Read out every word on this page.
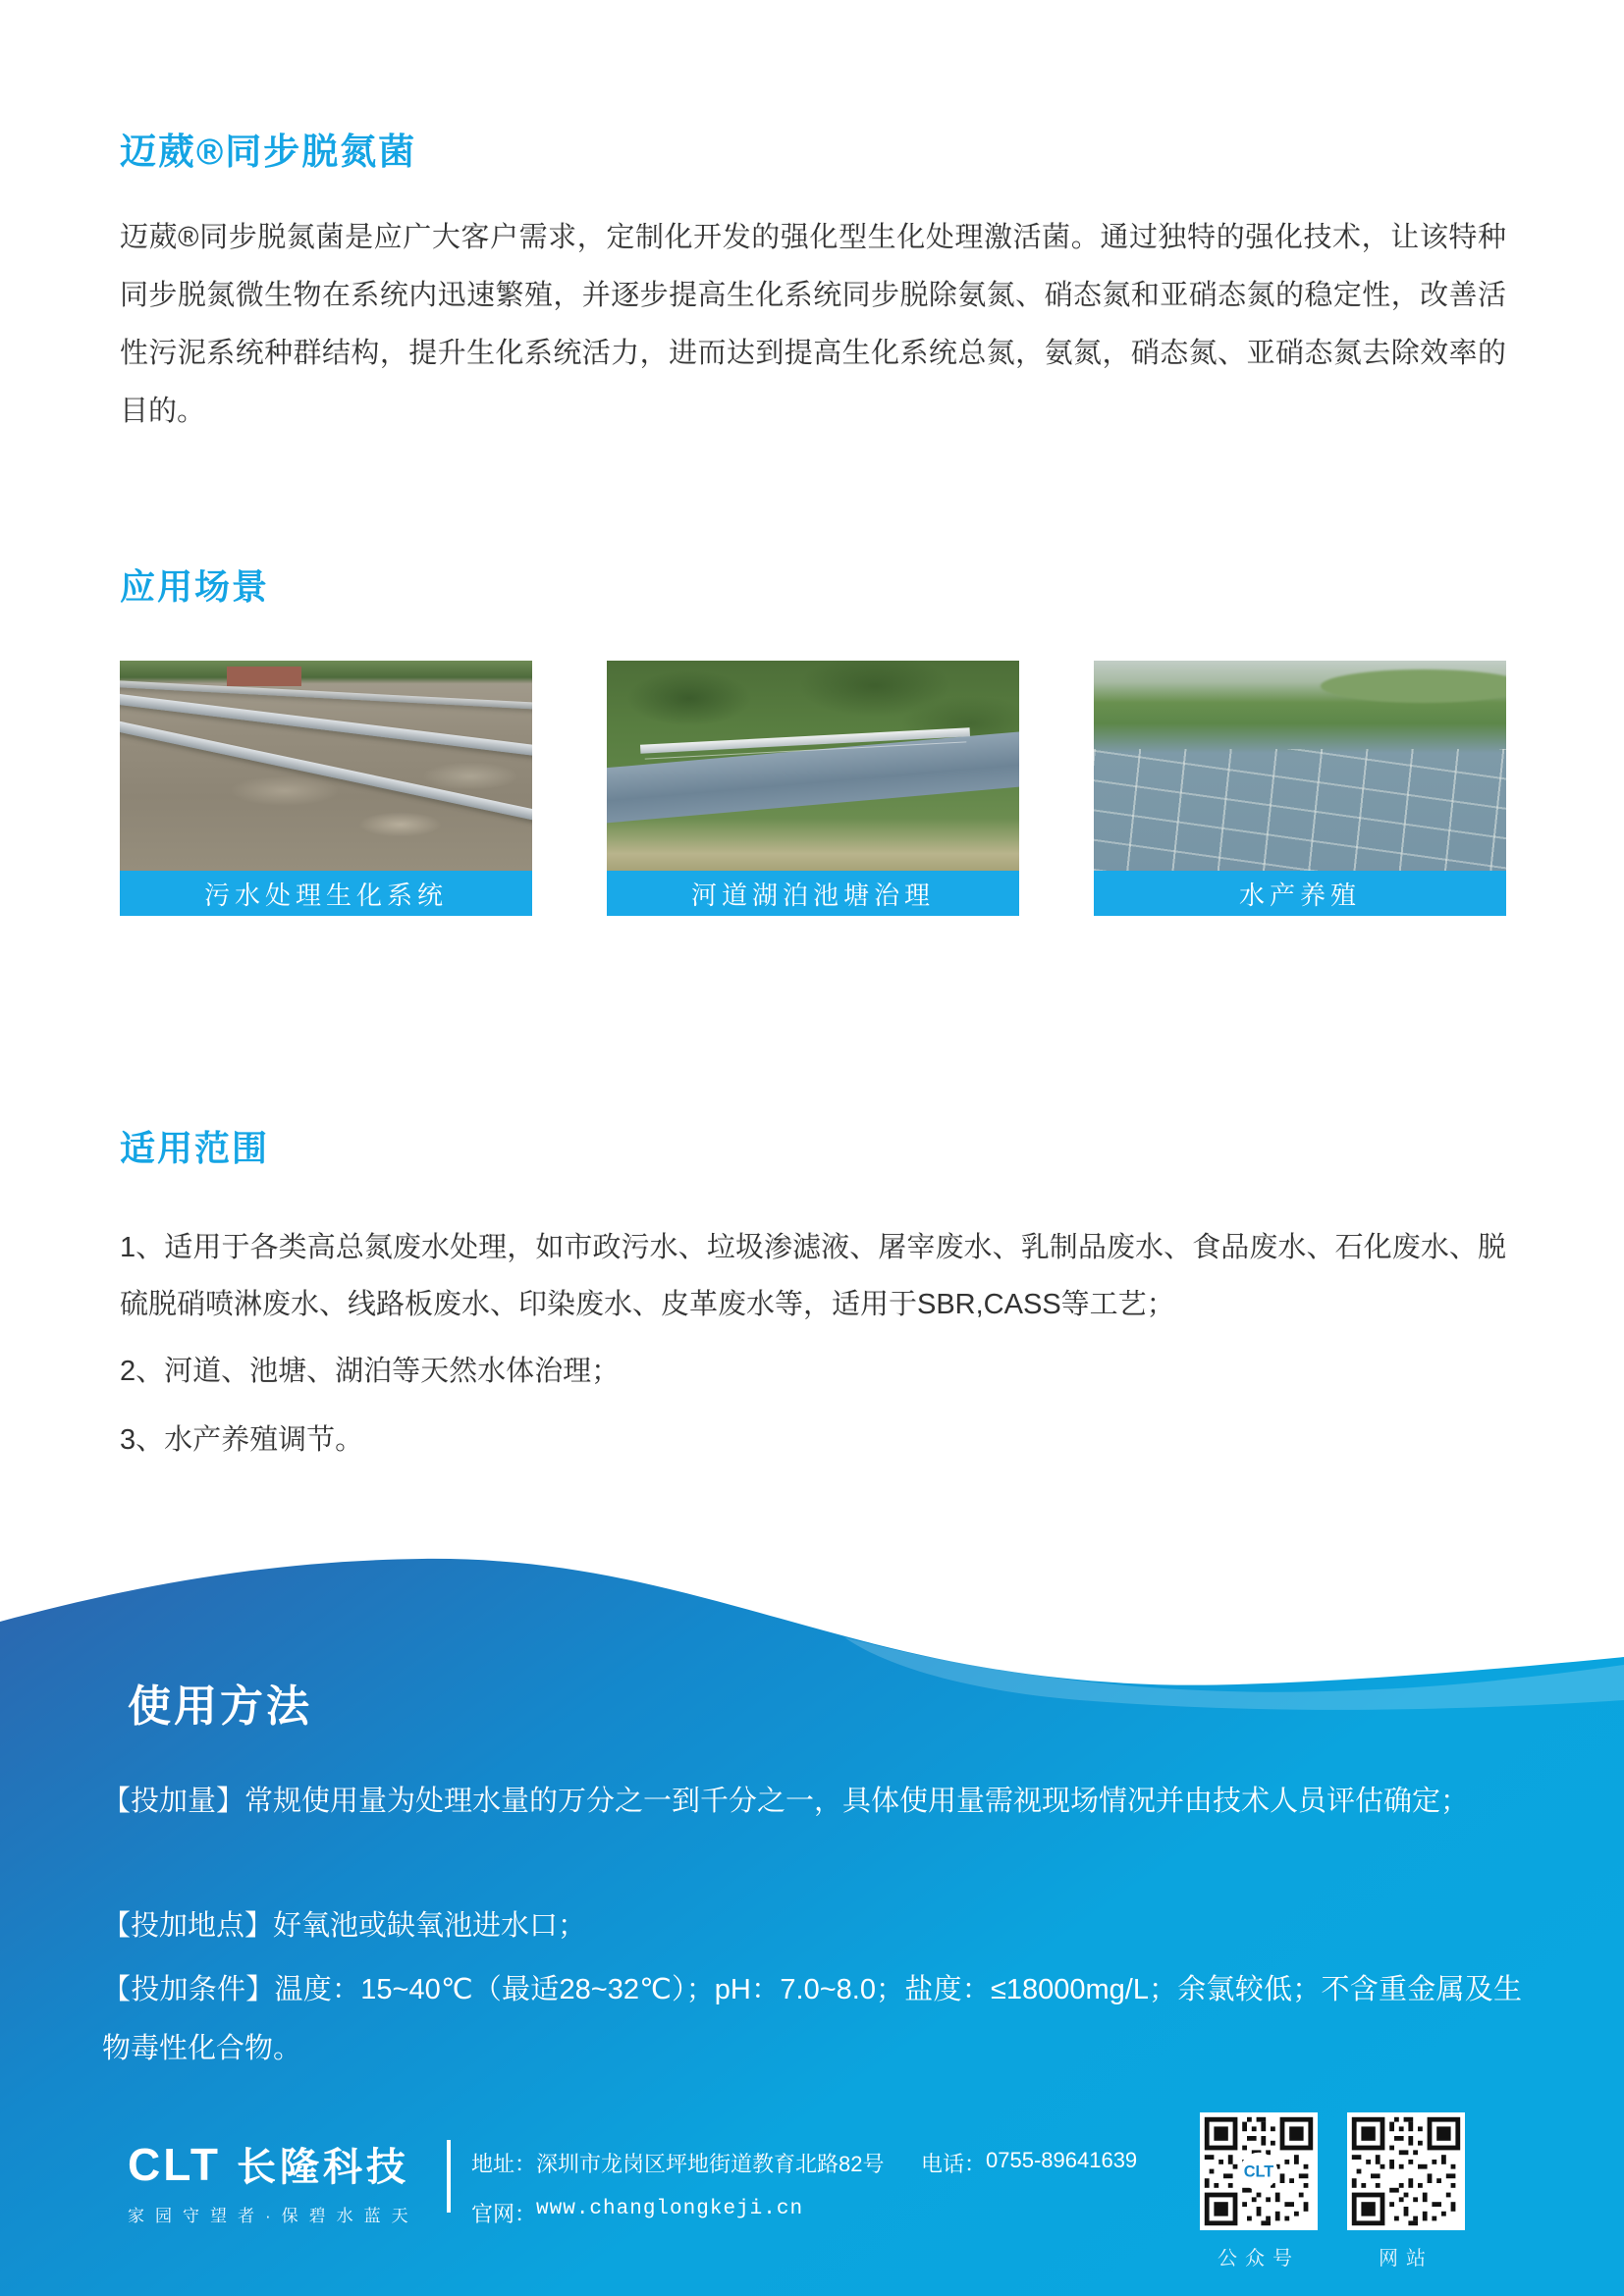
迈葳®同步脱氮菌
迈葳®同步脱氮菌是应广大客户需求，定制化开发的强化型生化处理激活菌。通过独特的强化技术，让该特种同步脱氮微生物在系统内迅速繁殖，并逐步提高生化系统同步脱除氨氮、硝态氮和亚硝态氮的稳定性，改善活性污泥系统种群结构，提升生化系统活力，进而达到提高生化系统总氮，氨氮，硝态氮、亚硝态氮去除效率的目的。
应用场景
污水处理生化系统	河道湖泊池塘治理	水产养殖
适用范围
1、适用于各类高总氮废水处理，如市政污水、垃圾渗滤液、屠宰废水、乳制品废水、食品废水、石化废水、脱硫脱硝喷淋废水、线路板废水、印染废水、皮革废水等，适用于SBR,CASS等工艺；
2、河道、池塘、湖泊等天然水体治理；
3、水产养殖调节。
使用方法
【投加量】常规使用量为处理水量的万分之一到千分之一，具体使用量需视现场情况并由技术人员评估确定；
【投加地点】好氧池或缺氧池进水口；
【投加条件】温度：15~40℃（最适28~32℃）；pH：7.0~8.0；盐度：≤18000mg/L；余氯较低；不含重金属及生物毒性化合物。
CLT 长隆科技
家园守望者·保碧水蓝天
地址： 深圳市龙岗区坪地街道教育北路82号
官网： www.changlongkeji.cn
电话： 0755-89641639	CLT
公众号	网站
